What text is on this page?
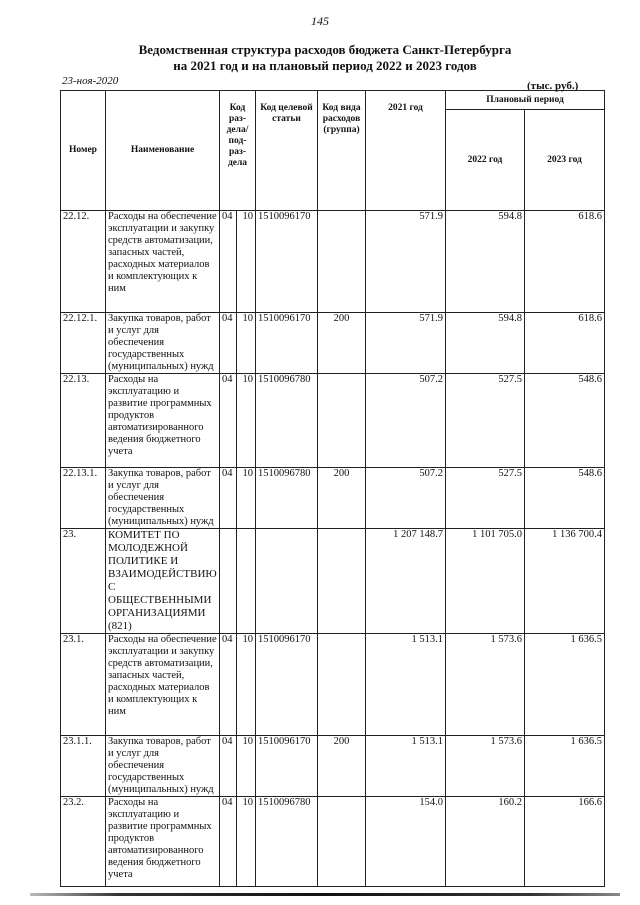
145
Ведомственная структура расходов бюджета Санкт-Петербурга
на 2021 год и на плановый период 2022 и 2023 годов
23-ноя-2020	(тыс. руб.)
Номер	Наименование	Код раз- дела/ под- раз- дела		Код целевой статьи	Код вида расходов (группа)	2021 год	Плановый период	
							2022 год	2023 год
22.12.	Расходы на обеспечение эксплуатации и закупку средств автоматизации, запасных частей, расходных материалов и комплектующих к ним	04	10	1510096170		571.9	594.8	618.6
22.12.1.	Закупка товаров, работ и услуг для обеспечения государственных (муниципальных) нужд	04	10	1510096170	200	571.9	594.8	618.6
22.13.	Расходы на эксплуатацию и развитие программных продуктов автоматизированного ведения бюджетного учета	04	10	1510096780		507.2	527.5	548.6
22.13.1.	Закупка товаров, работ и услуг для обеспечения государственных (муниципальных) нужд	04	10	1510096780	200	507.2	527.5	548.6
23.	КОМИТЕТ ПО МОЛОДЕЖНОЙ ПОЛИТИКЕ И ВЗАИМОДЕЙСТВИЮ С ОБЩЕСТВЕННЫМИ ОРГАНИЗАЦИЯМИ (821)					1 207 148.7	1 101 705.0	1 136 700.4
23.1.	Расходы на обеспечение эксплуатации и закупку средств автоматизации, запасных частей, расходных материалов и комплектующих к ним	04	10	1510096170		1 513.1	1 573.6	1 636.5
23.1.1.	Закупка товаров, работ и услуг для обеспечения государственных (муниципальных) нужд	04	10	1510096170	200	1 513.1	1 573.6	1 636.5
23.2.	Расходы на эксплуатацию и развитие программных продуктов автоматизированного ведения бюджетного учета	04	10	1510096780		154.0	160.2	166.6
